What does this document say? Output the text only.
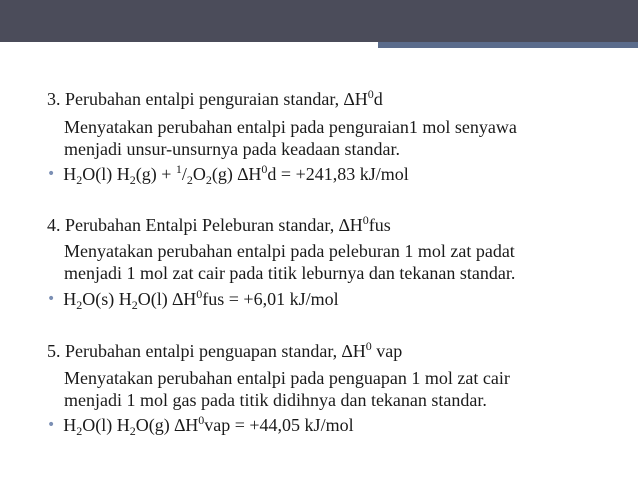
3. Perubahan entalpi penguraian standar, $\Delta H^0d$
Menyatakan perubahan entalpi pada penguraian1 mol senyawa
menjadi unsur-unsurnya pada keadaan standar.
• $H_2O(l) H_2(g) + ^1/_2O_2(g) \Delta H^0d = +241,83$ kJ/mol
4. Perubahan Entalpi Peleburan standar, $\Delta H^0fus$
Menyatakan perubahan entalpi pada peleburan 1 mol zat padat
menjadi 1 mol zat cair pada titik leburnya dan tekanan standar.
• $H_2O(s)$ $H_2O(l) \Delta H^0fus = +6,01$ kJ/mol
5. Perubahan entalpi penguapan standar, $\Delta H^0$ vap
Menyatakan perubahan entalpi pada penguapan 1 mol zat cair
menjadi 1 mol gas pada titik didihnya dan tekanan standar.
• $H_2O(l)$ $H_2O(g) \Delta H^0vap = +44,05$ kJ/mol
